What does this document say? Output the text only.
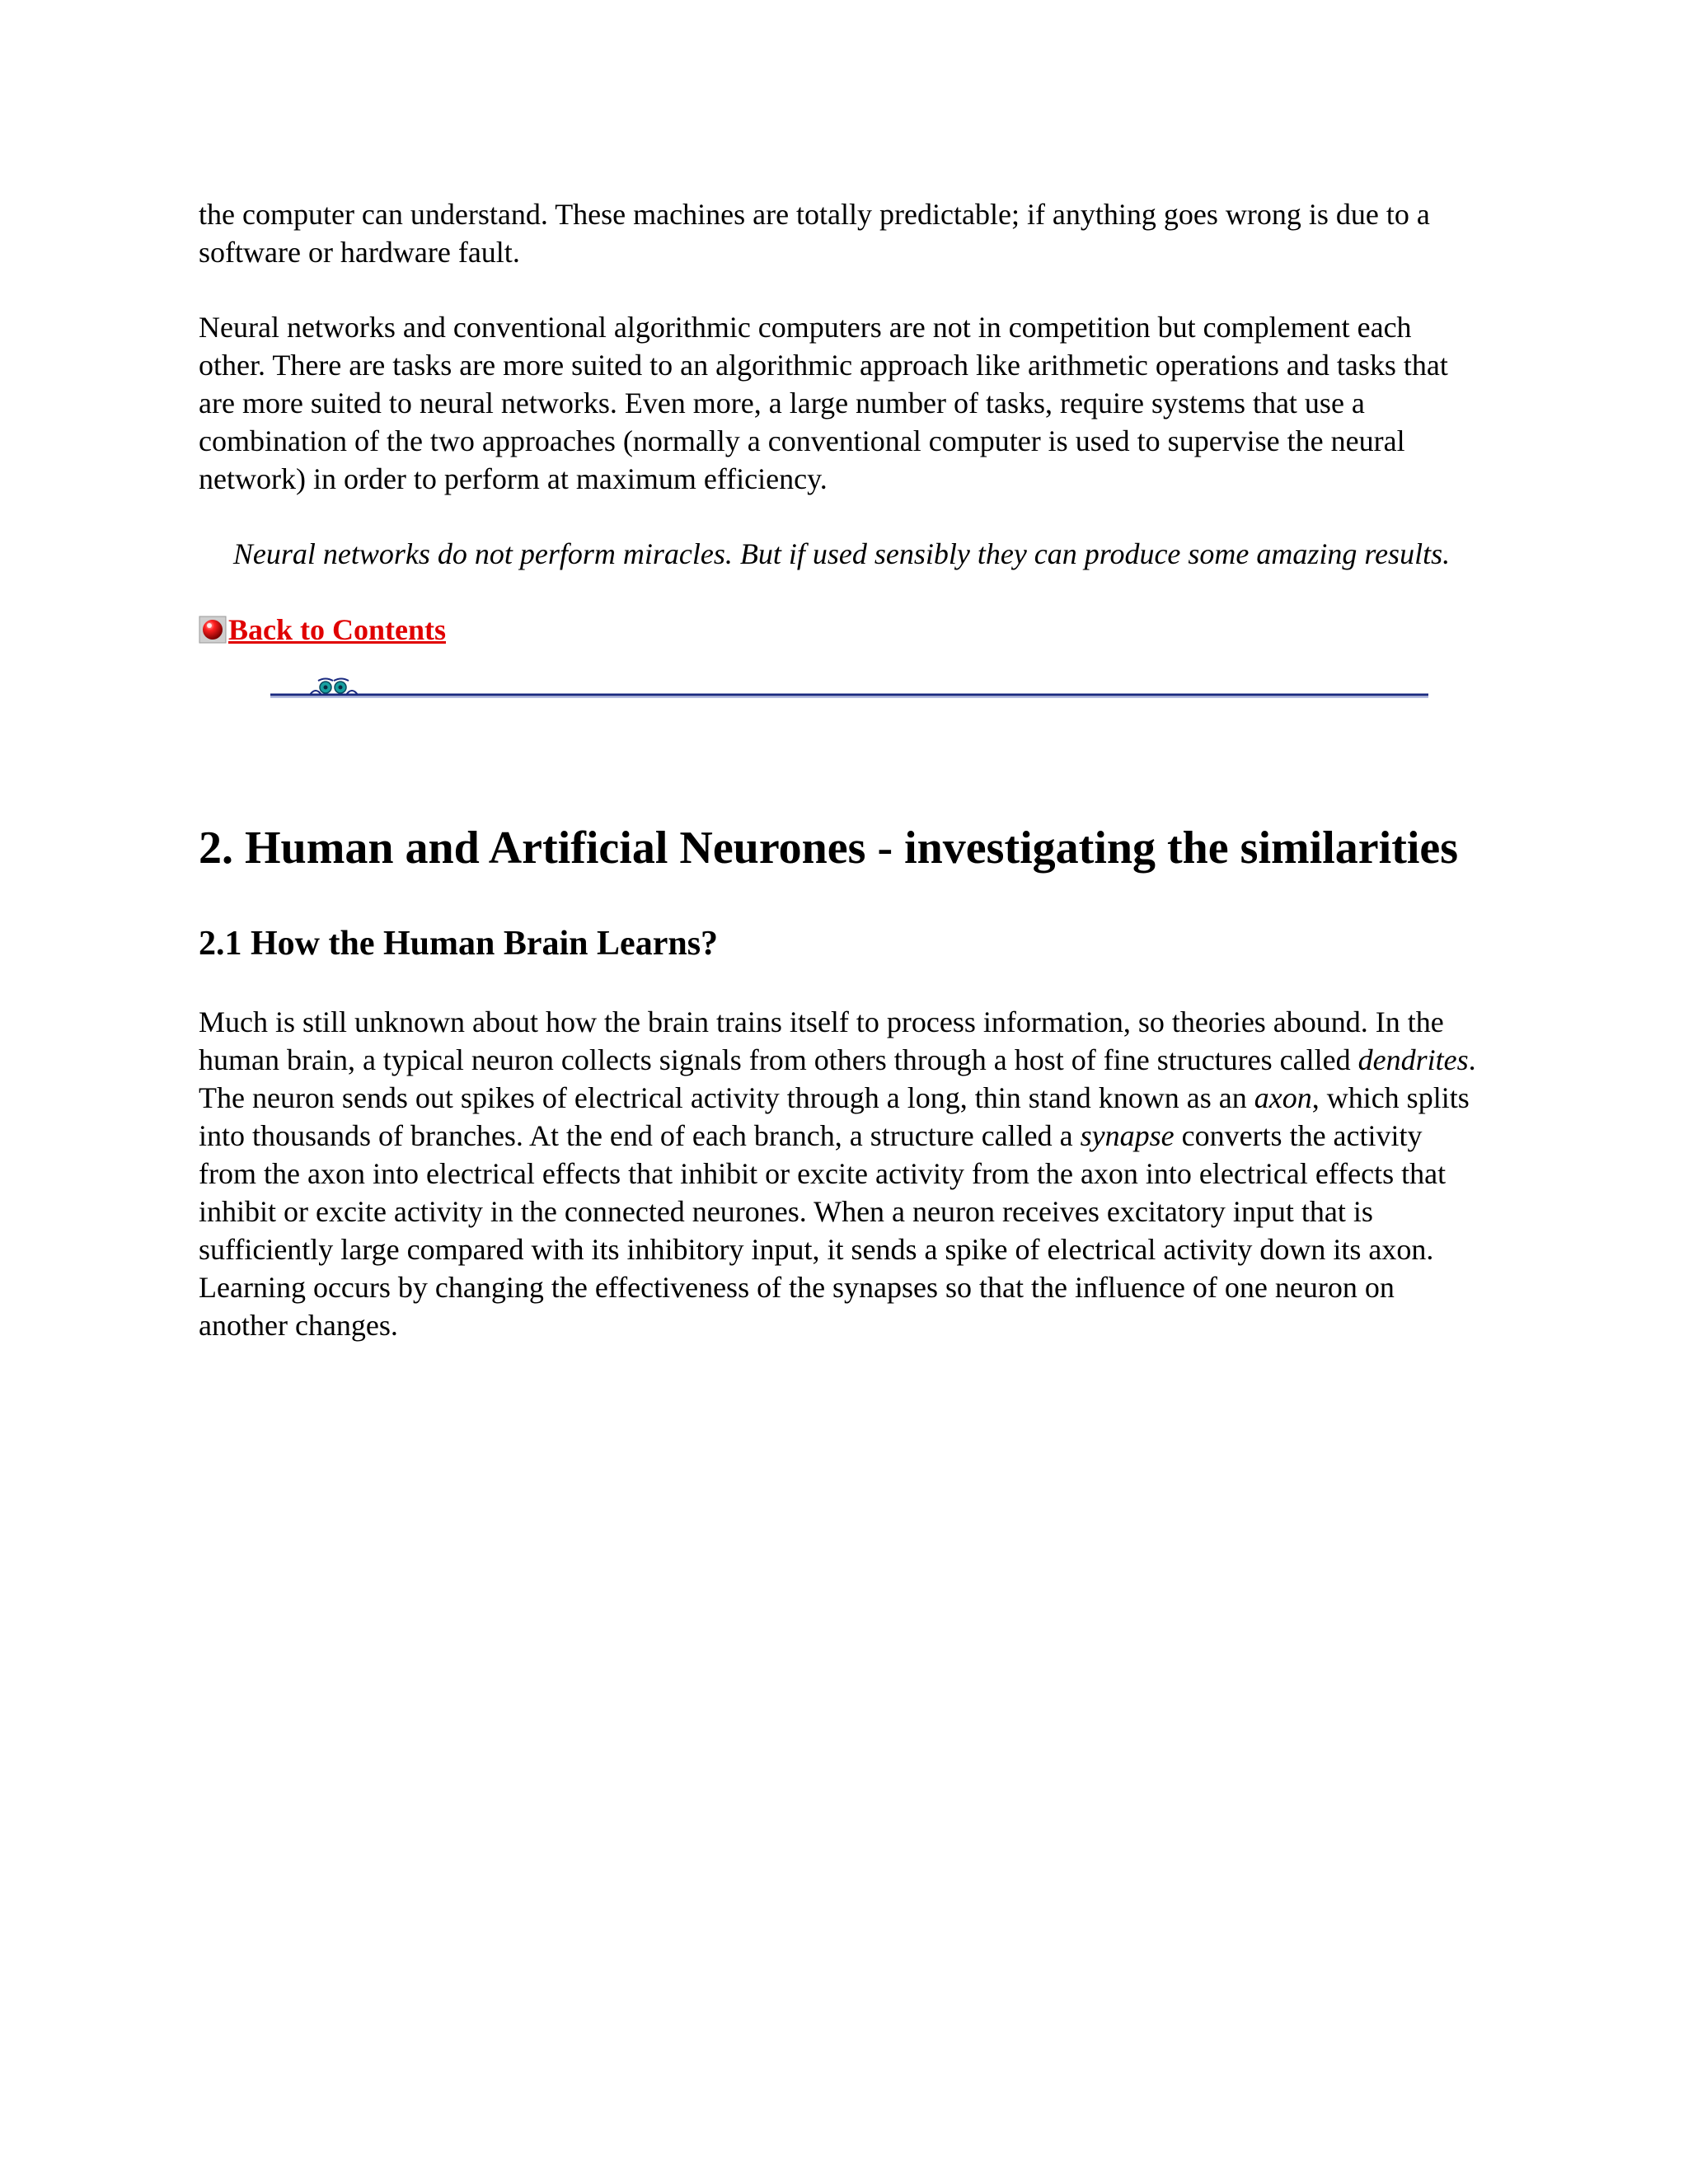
the computer can understand. These machines are totally predictable; if anything goes wrong is due to a software or hardware fault.

Neural networks and conventional algorithmic computers are not in competition but complement each other. There are tasks are more suited to an algorithmic approach like arithmetic operations and tasks that are more suited to neural networks. Even more, a large number of tasks, require systems that use a combination of the two approaches (normally a conventional computer is used to supervise the neural network) in order to perform at maximum efficiency.

Neural networks do not perform miracles. But if used sensibly they can produce some amazing results.

Back to Contents
2. Human and Artificial Neurones - investigating the similarities
2.1 How the Human Brain Learns?

Much is still unknown about how the brain trains itself to process information, so theories abound. In the human brain, a typical neuron collects signals from others through a host of fine structures called dendrites. The neuron sends out spikes of electrical activity through a long, thin stand known as an axon, which splits into thousands of branches. At the end of each branch, a structure called a synapse converts the activity from the axon into electrical effects that inhibit or excite activity from the axon into electrical effects that inhibit or excite activity in the connected neurones. When a neuron receives excitatory input that is sufficiently large compared with its inhibitory input, it sends a spike of electrical activity down its axon. Learning occurs by changing the effectiveness of the synapses so that the influence of one neuron on another changes.
